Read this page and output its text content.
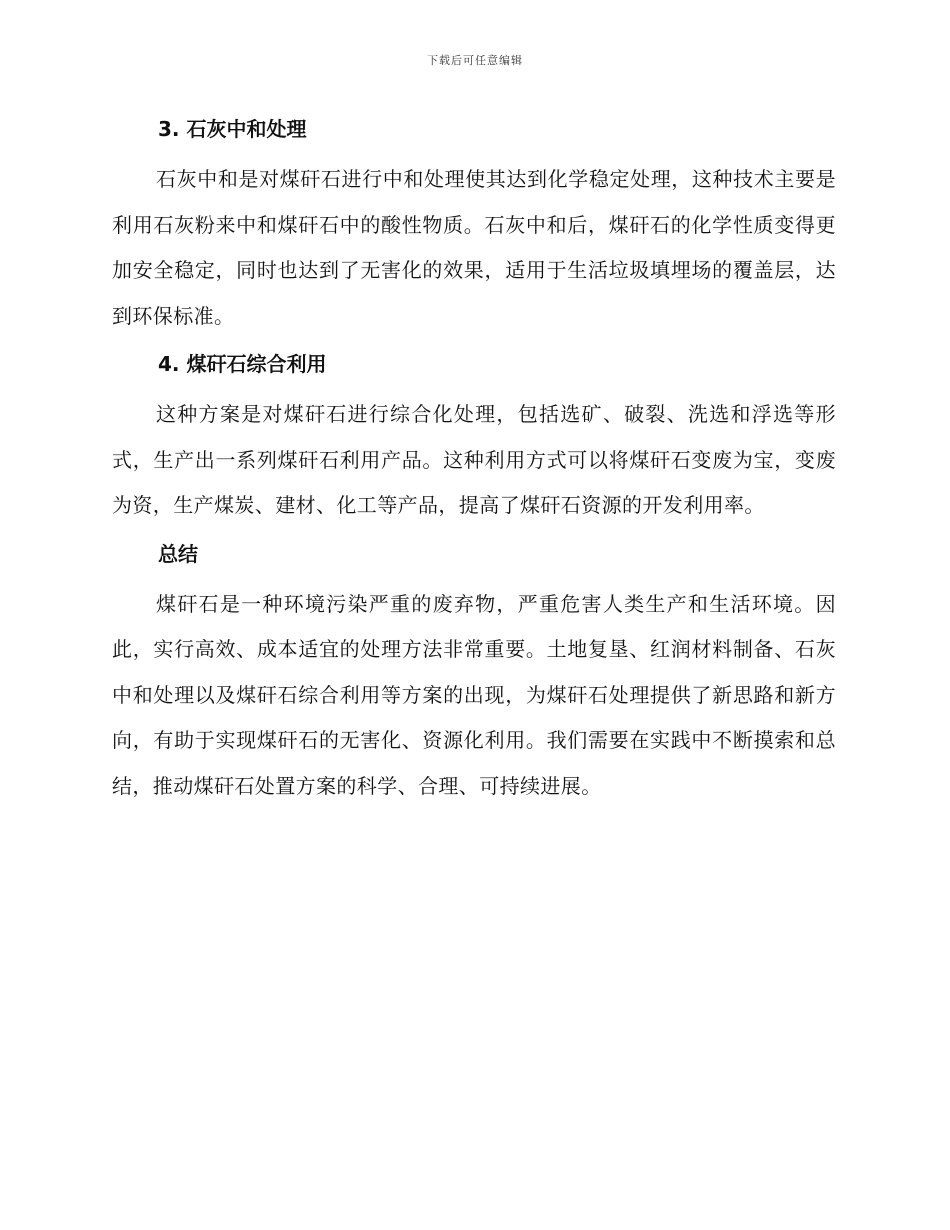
下载后可任意编辑
3. 石灰中和处理

石灰中和是对煤矸石进行中和处理使其达到化学稳定处理，这种技术主要是利用石灰粉来中和煤矸石中的酸性物质。石灰中和后，煤矸石的化学性质变得更加安全稳定，同时也达到了无害化的效果，适用于生活垃圾填埋场的覆盖层，达到环保标准。

4. 煤矸石综合利用

这种方案是对煤矸石进行综合化处理，包括选矿、破裂、洗选和浮选等形式，生产出一系列煤矸石利用产品。这种利用方式可以将煤矸石变废为宝，变废为资，生产煤炭、建材、化工等产品，提高了煤矸石资源的开发利用率。

总结

煤矸石是一种环境污染严重的废弃物，严重危害人类生产和生活环境。因此，实行高效、成本适宜的处理方法非常重要。土地复垦、红润材料制备、石灰中和处理以及煤矸石综合利用等方案的出现，为煤矸石处理提供了新思路和新方向，有助于实现煤矸石的无害化、资源化利用。我们需要在实践中不断摸索和总结，推动煤矸石处置方案的科学、合理、可持续进展。
